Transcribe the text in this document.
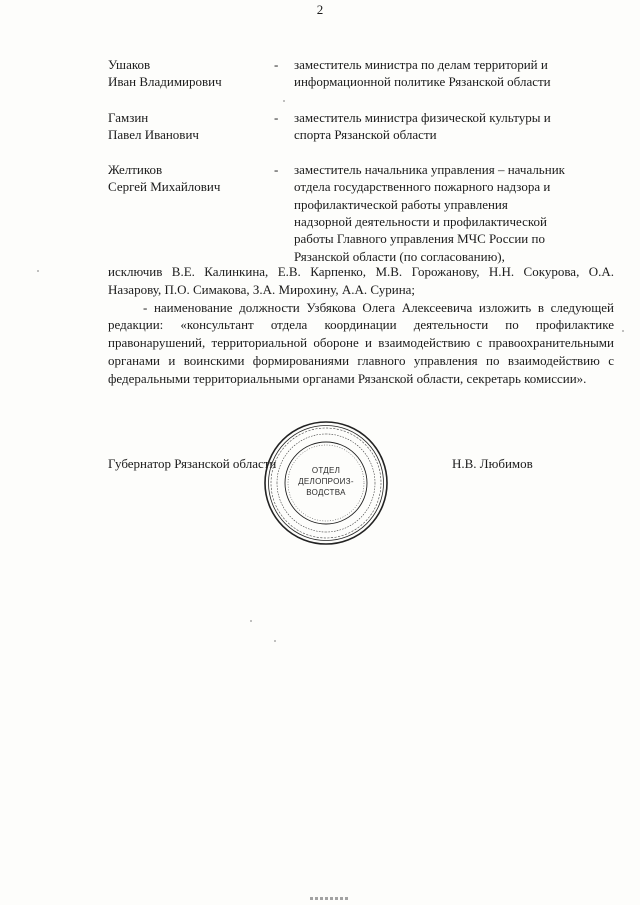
2
Ушаков
Иван Владимирович
-	заместитель министра по делам территорий и
информационной политике Рязанской области
Гамзин
Павел Иванович
-	заместитель министра физической культуры и
спорта Рязанской области
Желтиков
Сергей Михайлович
-	заместитель начальника управления – начальник
отдела государственного пожарного надзора и
профилактической работы управления
надзорной деятельности и профилактической
работы Главного управления МЧС России по
Рязанской области (по согласованию),

исключив В.Е. Калинкина, Е.В. Карпенко, М.В. Горожанову, Н.Н. Сокурова, О.А. Назарову, П.О. Симакова, З.А. Мирохину, А.А. Сурина;

- наименование должности Узбякова Олега Алексеевича изложить в следующей редакции: «консультант отдела координации деятельности по профилактике правонарушений, территориальной обороне и взаимодействию с правоохранительными органами и воинскими формированиями главного управления по взаимодействию с федеральными территориальными органами Рязанской области, секретарь комиссии».

Губернатор Рязанской области	Н.В. Любимов
ОТДЕЛ
ДЕЛОПРОИЗ-
ВОДСТВА
